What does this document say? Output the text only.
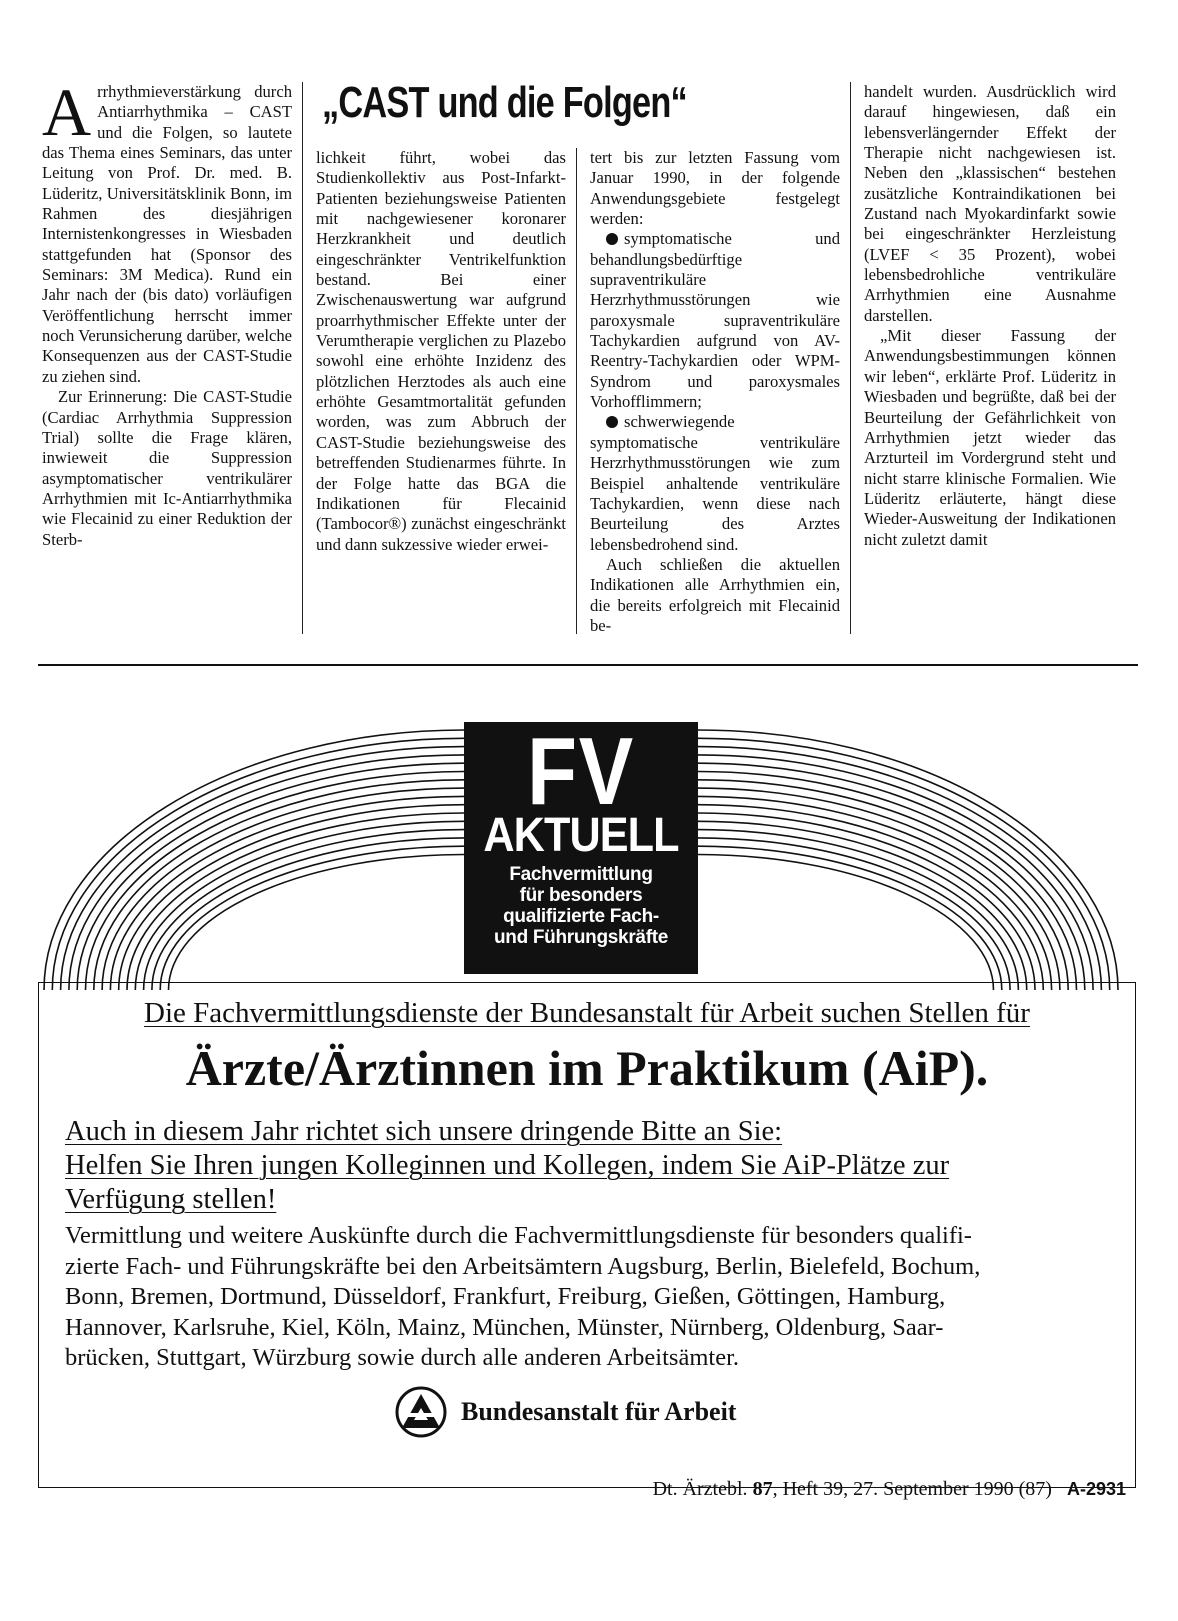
„CAST und die Folgen“

Arrhythmieverstärkung durch Antiarrhythmika – CAST und die Folgen, so lautete das Thema eines Seminars, das unter Leitung von Prof. Dr. med. B. Lüderitz, Universitätsklinik Bonn, im Rahmen des diesjährigen Internistenkongresses in Wiesbaden stattgefunden hat (Sponsor des Seminars: 3M Medica). Rund ein Jahr nach der (bis dato) vorläufigen Veröffentlichung herrscht immer noch Verunsicherung darüber, welche Konsequenzen aus der CAST-Studie zu ziehen sind.

Zur Erinnerung: Die CAST-Studie (Cardiac Arrhythmia Suppression Trial) sollte die Frage klären, inwieweit die Suppression asymptomatischer ventrikulärer Arrhythmien mit Ic-Antiarrhythmika wie Flecainid zu einer Reduktion der Sterb-

lichkeit führt, wobei das Studienkollektiv aus Post-Infarkt-Patienten beziehungsweise Patienten mit nachgewiesener koronarer Herzkrankheit und deutlich eingeschränkter Ventrikelfunktion bestand. Bei einer Zwischenauswertung war aufgrund proarrhythmischer Effekte unter der Verumtherapie verglichen zu Plazebo sowohl eine erhöhte Inzidenz des plötzlichen Herztodes als auch eine erhöhte Gesamtmortalität gefunden worden, was zum Abbruch der CAST-Studie beziehungsweise des betreffenden Studienarmes führte. In der Folge hatte das BGA die Indikationen für Flecainid (Tambocor®) zunächst eingeschränkt und dann sukzessive wieder erwei-

tert bis zur letzten Fassung vom Januar 1990, in der folgende Anwendungsgebiete festgelegt werden:

symptomatische und behandlungsbedürftige supraventrikuläre Herzrhythmusstörungen wie paroxysmale supraventrikuläre Tachykardien aufgrund von AV-Reentry-Tachykardien oder WPM-Syndrom und paroxysmales Vorhofflimmern;

schwerwiegende symptomatische ventrikuläre Herzrhythmusstörungen wie zum Beispiel anhaltende ventrikuläre Tachykardien, wenn diese nach Beurteilung des Arztes lebensbedrohend sind.

Auch schließen die aktuellen Indikationen alle Arrhythmien ein, die bereits erfolgreich mit Flecainid be-

handelt wurden. Ausdrücklich wird darauf hingewiesen, daß ein lebensverlängernder Effekt der Therapie nicht nachgewiesen ist. Neben den „klassischen“ bestehen zusätzliche Kontraindikationen bei Zustand nach Myokardinfarkt sowie bei eingeschränkter Herzleistung (LVEF < 35 Prozent), wobei lebensbedrohliche ventrikuläre Arrhythmien eine Ausnahme darstellen.

„Mit dieser Fassung der Anwendungsbestimmungen können wir leben“, erklärte Prof. Lüderitz in Wiesbaden und begrüßte, daß bei der Beurteilung der Gefährlichkeit von Arrhythmien jetzt wieder das Arzturteil im Vordergrund steht und nicht starre klinische Formalien. Wie Lüderitz erläuterte, hängt diese Wieder-Ausweitung der Indikationen nicht zuletzt damit

FV
AKTUELL
Fachvermittlung
für besonders
qualifizierte Fach-
und Führungskräfte
Die Fachvermittlungsdienste der Bundesanstalt für Arbeit suchen Stellen für
Ärzte/Ärztinnen im Praktikum (AiP).
Auch in diesem Jahr richtet sich unsere dringende Bitte an Sie:
Helfen Sie Ihren jungen Kolleginnen und Kollegen, indem Sie AiP-Plätze zur
Verfügung stellen!
Vermittlung und weitere Auskünfte durch die Fachvermittlungsdienste für besonders qualifi-
zierte Fach- und Führungskräfte bei den Arbeitsämtern Augsburg, Berlin, Bielefeld, Bochum,
Bonn, Bremen, Dortmund, Düsseldorf, Frankfurt, Freiburg, Gießen, Göttingen, Hamburg,
Hannover, Karlsruhe, Kiel, Köln, Mainz, München, Münster, Nürnberg, Oldenburg, Saar-
brücken, Stuttgart, Würzburg sowie durch alle anderen Arbeitsämter.
Bundesanstalt für Arbeit
Dt. Ärztebl. 87, Heft 39, 27. September 1990 (87) A-2931
